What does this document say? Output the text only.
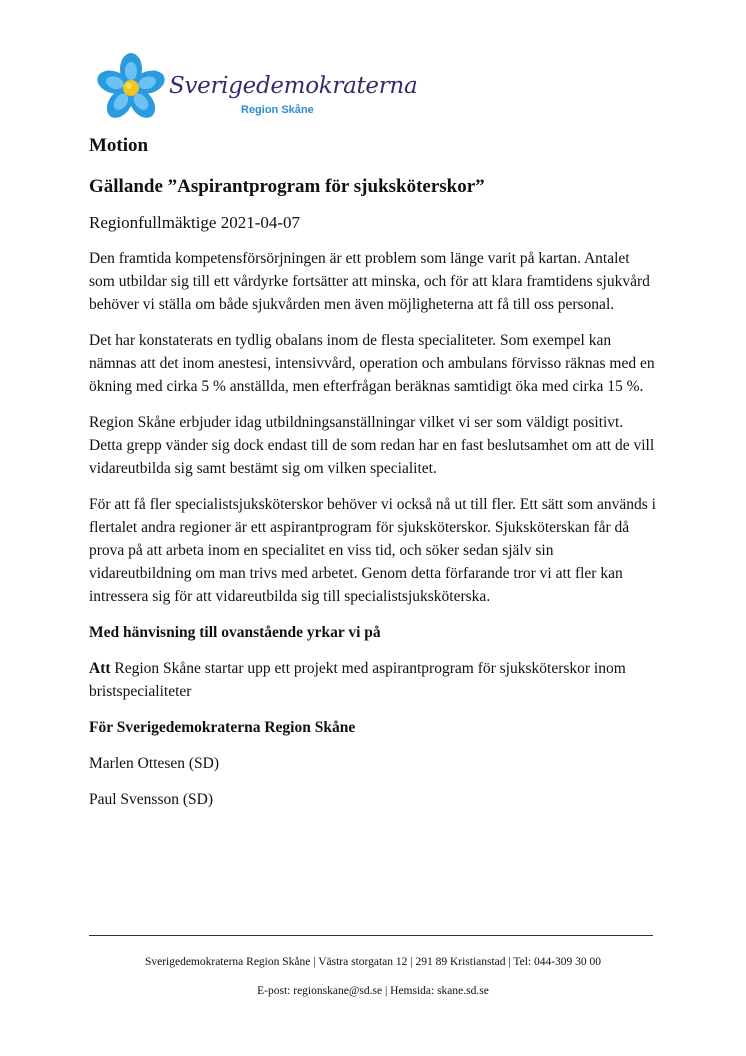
Sverigedemokraterna
Region Skåne

Motion

Gällande ”Aspirantprogram för sjuksköterskor”

Regionfullmäktige 2021-04-07

Den framtida kompetensförsörjningen är ett problem som länge varit på kartan. Antalet som utbildar sig till ett vårdyrke fortsätter att minska, och för att klara framtidens sjukvård behöver vi ställa om både sjukvården men även möjligheterna att få till oss personal.

Det har konstaterats en tydlig obalans inom de flesta specialiteter. Som exempel kan nämnas att det inom anestesi, intensivvård, operation och ambulans förvisso räknas med en ökning med cirka 5 % anställda, men efterfrågan beräknas samtidigt öka med cirka 15 %.

Region Skåne erbjuder idag utbildningsanställningar vilket vi ser som väldigt positivt. Detta grepp vänder sig dock endast till de som redan har en fast beslutsamhet om att de vill vidareutbilda sig samt bestämt sig om vilken specialitet.

För att få fler specialistsjuksköterskor behöver vi också nå ut till fler. Ett sätt som används i flertalet andra regioner är ett aspirantprogram för sjuksköterskor. Sjuksköterskan får då prova på att arbeta inom en specialitet en viss tid, och söker sedan själv sin vidareutbildning om man trivs med arbetet. Genom detta förfarande tror vi att fler kan intressera sig för att vidareutbilda sig till specialistsjuksköterska.

Med hänvisning till ovanstående yrkar vi på

Att Region Skåne startar upp ett projekt med aspirantprogram för sjuksköterskor inom bristspecialiteter

För Sverigedemokraterna Region Skåne

Marlen Ottesen (SD)

Paul Svensson (SD)

Sverigedemokraterna Region Skåne | Västra storgatan 12 | 291 89 Kristianstad | Tel: 044-309 30 00
E-post: regionskane@sd.se | Hemsida: skane.sd.se
